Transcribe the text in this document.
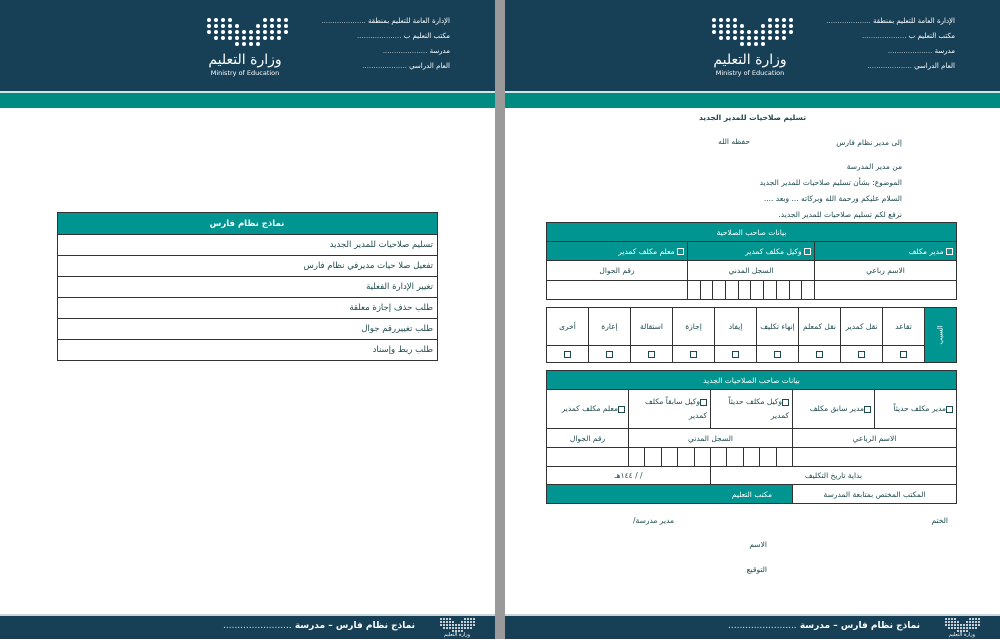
وزارة التعليم
Ministry of Education
الإدارة العامة للتعليم بمنطقة ....................
مكتب التعليم ب ....................
مدرسة ....................
العام الدراسي ....................
نماذج نظام فارس
تسليم صلاحيات للمدير الجديد
تفعيل صلا حيات مديرفي نظام فارس
تغيير الإدارة الفعلية
طلب حذف إجازة معلقة
طلب تغييررقم جوال
طلب ربط وإسناد
نماذج نظام فارس – مدرسة ........................
وزارة التعليم
وزارة التعليم
Ministry of Education
الإدارة العامة للتعليم بمنطقة ....................
مكتب التعليم ب ....................
مدرسة ....................
العام الدراسي ....................
تسليم صلاحيات للمدير الجديد
إلى مدير نظام فارس
حفظه الله
من مدير المدرسة
الموضوع: بشأن تسليم صلاحيات للمدير الجديد
السلام عليكم ورحمة الله وبركاته ... وبعد ....
نرفع لكم تسليم صلاحيات للمدير الجديد.
بيانات صاحب الصلاحية		
مدير مكلف	وكيل مكلف كمدير	معلم مكلف كمدير
الاسم رباعي	السجل المدني	رقم الجوال

السبب	تقاعد	نقل كمدير	نقل كمعلم	إنهاء تكليف	إيفاد	إجازة	استقالة	إعارة	أخرى

بيانات صاحب الصلاحيات الجديد				
مدير مكلف حديثاً	مدير سابق مكلف	وكيل مكلف حديثاً كمدير	وكيل سابقاً مكلف كمدير	معلم مكلف كمدير
الاسم الرباعي		السجل المدني		رقم الجوال

بداية تاريخ التكليف			/ / ١٤٤هـ	
المكتب المختص بمتابعة المدرسة		مكتب التعليم		
الختم
مدير مدرسة/
الاسم
التوقيع
نماذج نظام فارس – مدرسة ........................
وزارة التعليم
